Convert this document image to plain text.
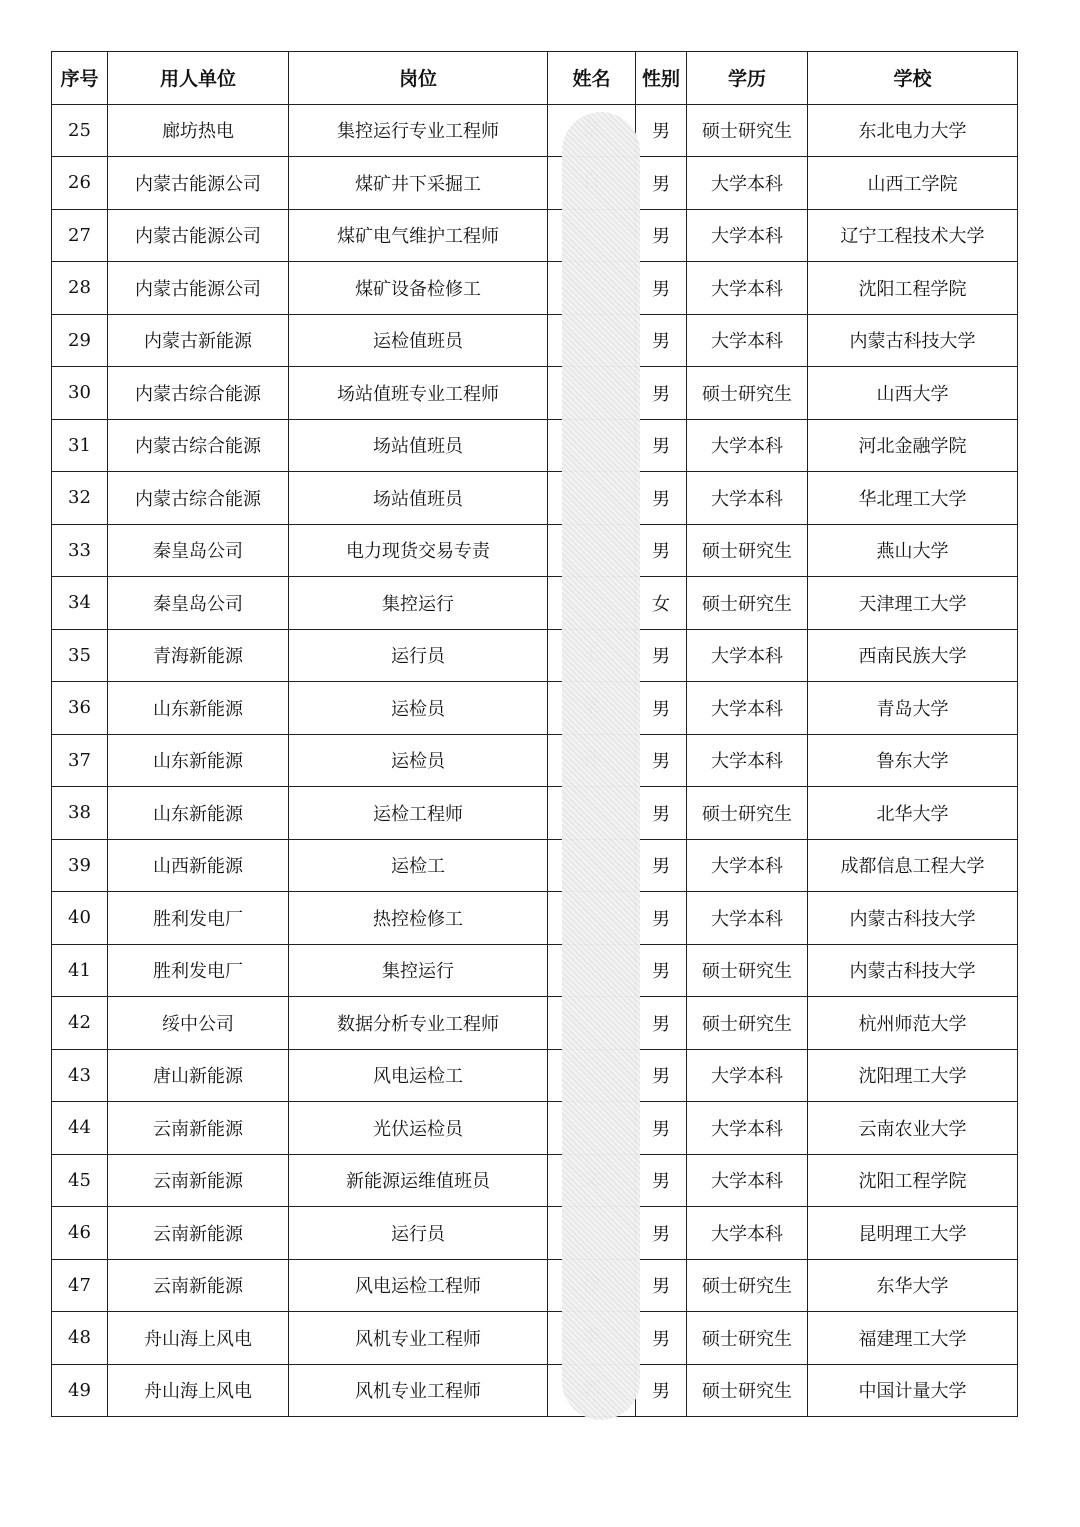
序号	用人单位	岗位	姓名	性别	学历	学校
25	廊坊热电	集控运行专业工程师		男	硕士研究生	东北电力大学
26	内蒙古能源公司	煤矿井下采掘工		男	大学本科	山西工学院
27	内蒙古能源公司	煤矿电气维护工程师		男	大学本科	辽宁工程技术大学
28	内蒙古能源公司	煤矿设备检修工		男	大学本科	沈阳工程学院
29	内蒙古新能源	运检值班员		男	大学本科	内蒙古科技大学
30	内蒙古综合能源	场站值班专业工程师		男	硕士研究生	山西大学
31	内蒙古综合能源	场站值班员		男	大学本科	河北金融学院
32	内蒙古综合能源	场站值班员		男	大学本科	华北理工大学
33	秦皇岛公司	电力现货交易专责		男	硕士研究生	燕山大学
34	秦皇岛公司	集控运行		女	硕士研究生	天津理工大学
35	青海新能源	运行员		男	大学本科	西南民族大学
36	山东新能源	运检员		男	大学本科	青岛大学
37	山东新能源	运检员		男	大学本科	鲁东大学
38	山东新能源	运检工程师		男	硕士研究生	北华大学
39	山西新能源	运检工		男	大学本科	成都信息工程大学
40	胜利发电厂	热控检修工		男	大学本科	内蒙古科技大学
41	胜利发电厂	集控运行		男	硕士研究生	内蒙古科技大学
42	绥中公司	数据分析专业工程师		男	硕士研究生	杭州师范大学
43	唐山新能源	风电运检工		男	大学本科	沈阳理工大学
44	云南新能源	光伏运检员		男	大学本科	云南农业大学
45	云南新能源	新能源运维值班员		男	大学本科	沈阳工程学院
46	云南新能源	运行员		男	大学本科	昆明理工大学
47	云南新能源	风电运检工程师		男	硕士研究生	东华大学
48	舟山海上风电	风机专业工程师		男	硕士研究生	福建理工大学
49	舟山海上风电	风机专业工程师		男	硕士研究生	中国计量大学
